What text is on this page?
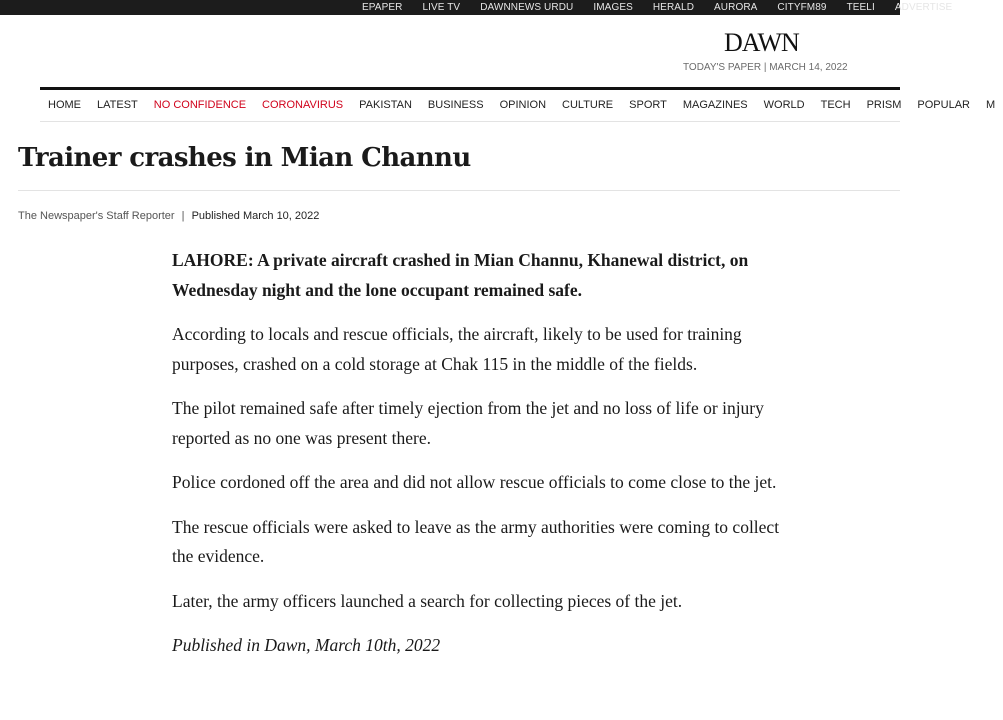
EPAPER	LIVE TV	DAWNNEWS URDU	IMAGES	HERALD	AURORA	CITYFM89	TEELI	ADVERTISE
DAWN
TODAY'S PAPER | MARCH 14, 2022
HOME	LATEST	NO CONFIDENCE	CORONAVIRUS	PAKISTAN	BUSINESS	OPINION	CULTURE	SPORT	MAGAZINES	WORLD	TECH	PRISM	POPULAR	M
Trainer crashes in Mian Channu
The Newspaper's Staff Reporter | Published March 10, 2022

LAHORE: A private aircraft crashed in Mian Channu, Khanewal district, on Wednesday night and the lone occupant remained safe.

According to locals and rescue officials, the aircraft, likely to be used for training purposes, crashed on a cold storage at Chak 115 in the middle of the fields.

The pilot remained safe after timely ejection from the jet and no loss of life or injury reported as no one was present there.

Police cordoned off the area and did not allow rescue officials to come close to the jet.

The rescue officials were asked to leave as the army authorities were coming to collect the evidence.

Later, the army officers launched a search for collecting pieces of the jet.

Published in Dawn, March 10th, 2022
